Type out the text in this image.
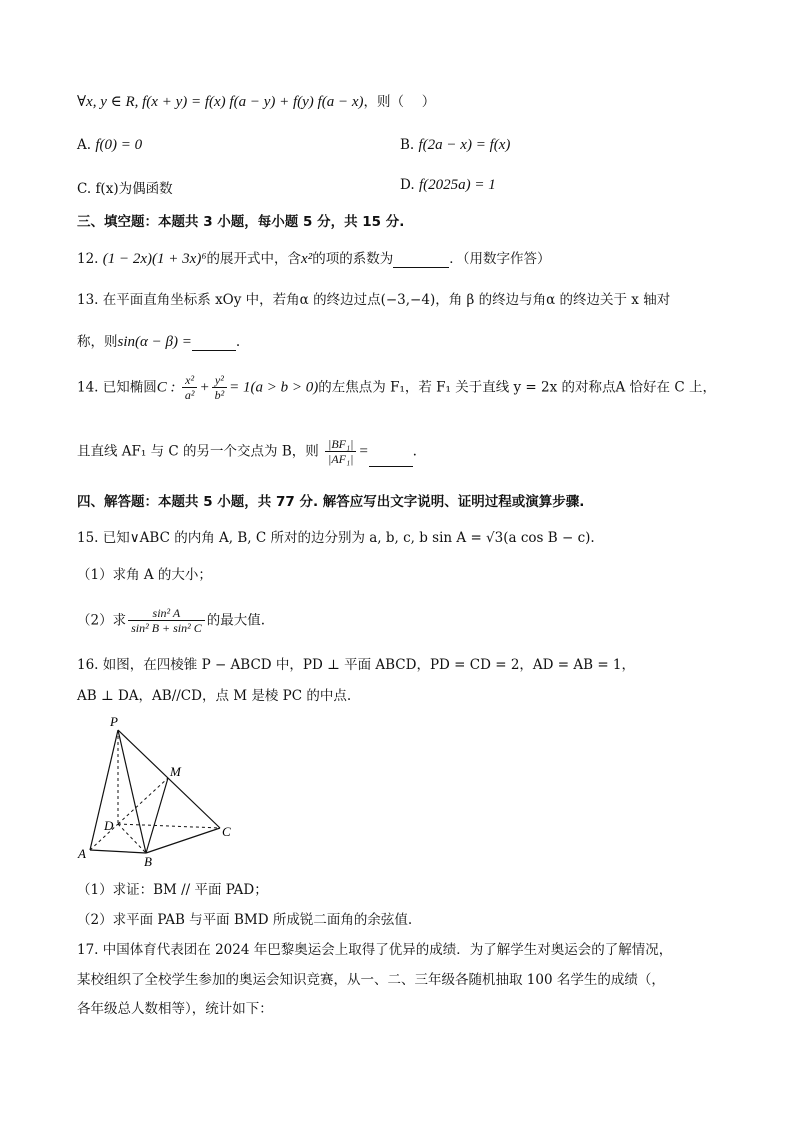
∀x, y ∈ R, f(x + y) = f(x) f(a − y) + f(y) f(a − x)，则（　 ）
A. f(0) = 0	B. f(2a − x) = f(x)
C. f(x)为偶函数	D. f(2025a) = 1
三、填空题：本题共 3 小题，每小题 5 分，共 15 分.
12. (1 − 2x)(1 + 3x)⁶的展开式中，含x²的项的系数为	．（用数字作答）
13. 在平面直角坐标系 xOy 中，若角α 的终边过点(−3,−4)，角 β 的终边与角α 的终边关于 x 轴对
称，则sin(α − β) =	.
14. 已知椭圆C : $\frac{\text{x²}}{\text{a²}} + \frac{\text{y²}}{\text{b²}} = 1(a > b > 0)$的左焦点为 F₁，若 F₁ 关于直线 y = 2x 的对称点A 恰好在 C 上，
且直线 AF₁ 与 C 的另一个交点为 B，则 $\frac{\text{|BF₁|}}{\text{|AF₁|}}$ =	.
四、解答题：本题共 5 小题，共 77 分. 解答应写出文字说明、证明过程或演算步骤.
15. 已知∨ABC 的内角 A, B, C 所对的边分别为 a, b, c, b sin A = √3(a cos B − c).
（1）求角 A 的大小；
（2）求 $\frac{\text{sin² A}}{\text{sin² B + sin² C}}$ 的最大值.
16. 如图，在四棱锥 P − ABCD 中，PD ⊥ 平面 ABCD，PD = CD = 2，AD = AB = 1，
AB ⊥ DA，AB//CD，点 M 是棱 PC 的中点.
P
M
D	C
A
B
（1）求证：BM // 平面 PAD；
（2）求平面 PAB 与平面 BMD 所成锐二面角的余弦值.
17. 中国体育代表团在 2024 年巴黎奥运会上取得了优异的成绩．为了解学生对奥运会的了解情况，
某校组织了全校学生参加的奥运会知识竞赛，从一、二、三年级各随机抽取 100 名学生的成绩（，
各年级总人数相等），统计如下：
